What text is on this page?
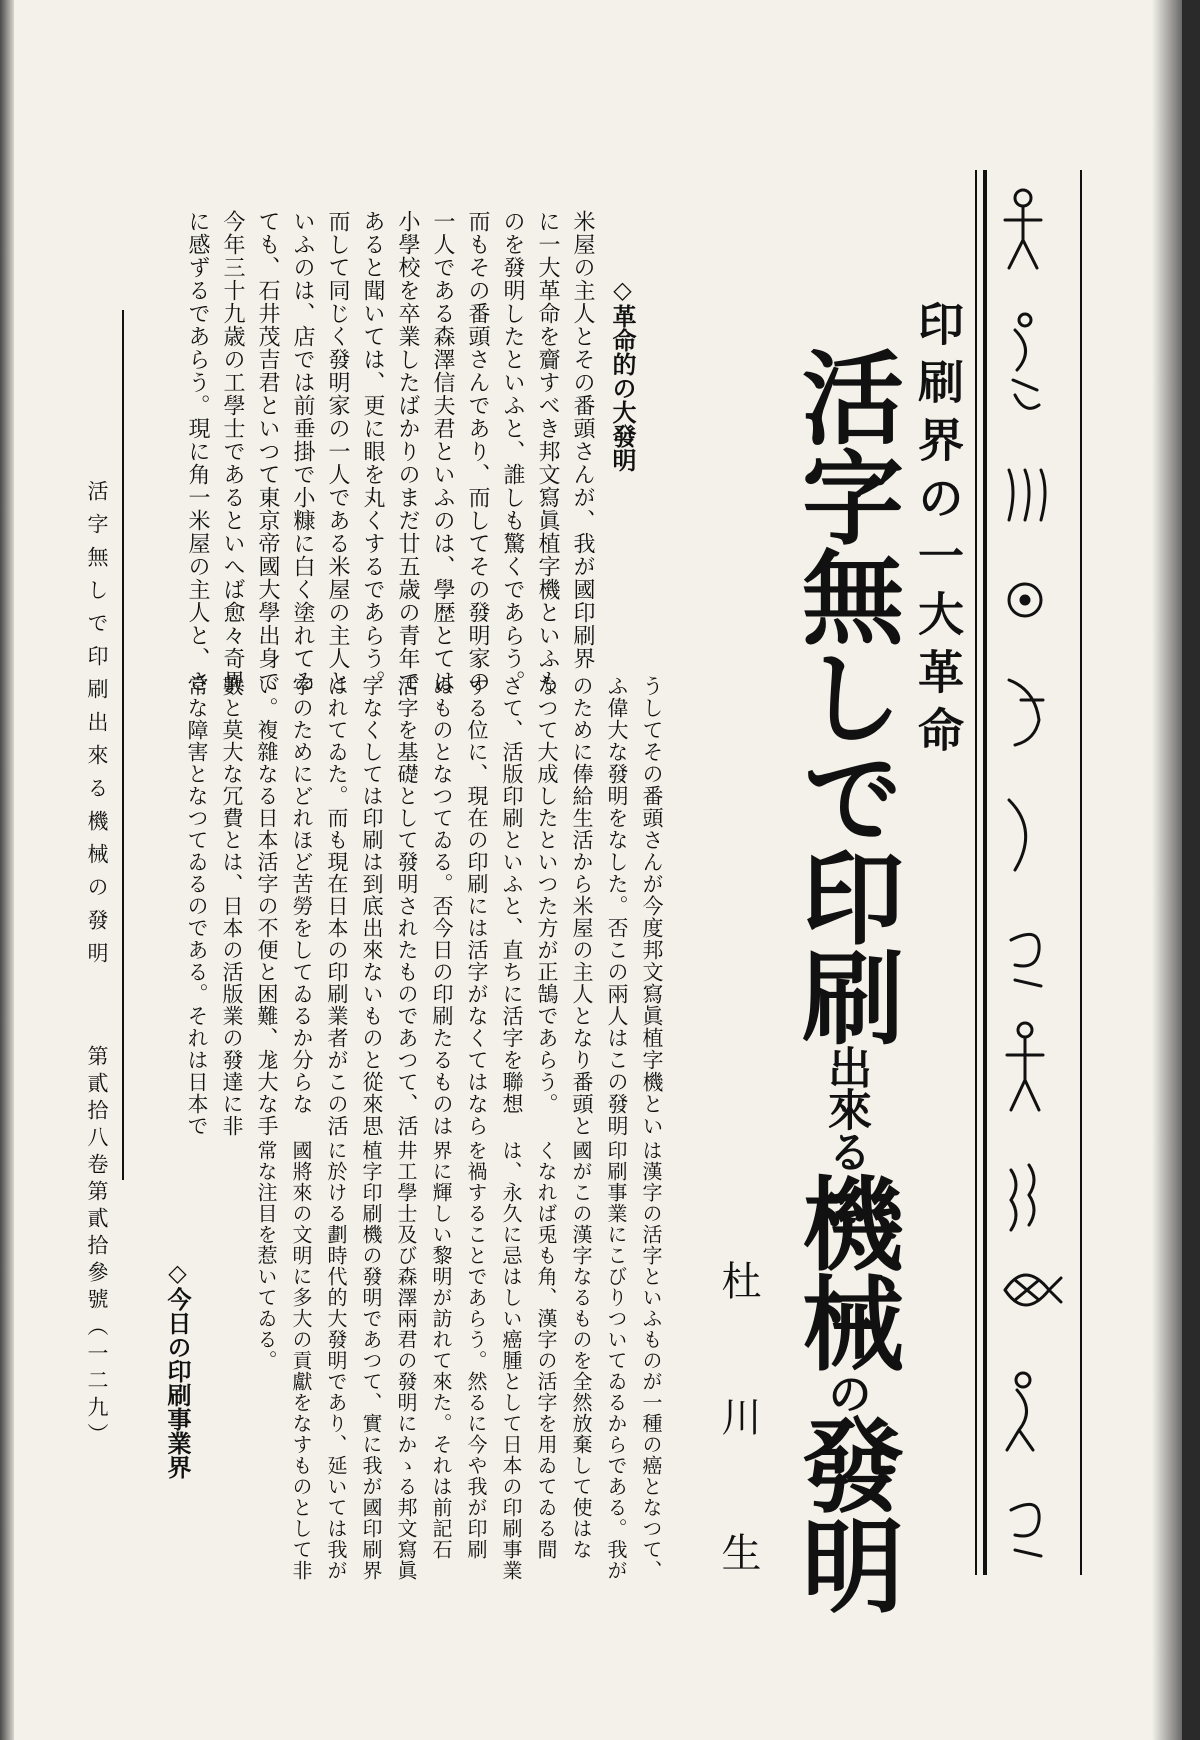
印刷界の一大革命
活字無しで印刷出來る機械の發明
杜　川　生
◇革命的の大發明
米屋の主人とその番頭さんが、我が國印刷界
に一大革命を齎すべき邦文寫眞植字機といふも
のを發明したといふと、誰しも驚くであらう。
而もその番頭さんであり、而してその發明家の
一人である森澤信夫君といふのは、學歴とては
小學校を卒業したばかりのまだ廿五歳の青年で
あると聞いては、更に眼を丸くするであらう。
而して同じく發明家の一人である米屋の主人と
いふのは、店では前垂掛で小糠に白く塗れてゐ
ても、石井茂吉君といつて東京帝國大學出身で
今年三十九歳の工學士であるといへば愈々奇異
に感ずるであらう。現に角一米屋の主人と、さ
うしてその番頭さんが今度邦文寫眞植字機とい
ふ偉大な發明をなした。否この兩人はこの發明
のために俸給生活から米屋の主人となり番頭と
なつて大成したといつた方が正鵠であらう。
さて、活版印刷といふと、直ちに活字を聯想
する位に、現在の印刷には活字がなくてはなら
ぬものとなつてゐる。否今日の印刷たるものは
活字を基礎として發明されたものであつて、活
字なくしては印刷は到底出來ないものと從來思
はれてゐた。而も現在日本の印刷業者がこの活
字のためにどれほど苦勞をしてゐるか分らな
い。複雜なる日本活字の不便と困難、尨大な手
數と莫大な冗費とは、日本の活版業の發達に非
常な障害となつてゐるのである。それは日本で
は漢字の活字といふものが一種の癌となつて、
印刷事業にこびりついてゐるからである。我が
國がこの漢字なるものを全然放棄して使はな
くなれば兎も角、漢字の活字を用ゐてゐる間
は、永久に忌はしい癌腫として日本の印刷事業
を禍することであらう。然るに今や我が印刷
界に輝しい黎明が訪れて來た。それは前記石
井工學士及び森澤兩君の發明にかゝる邦文寫眞
植字印刷機の發明であつて、實に我が國印刷界
に於ける劃時代的大發明であり、延いては我が
國將來の文明に多大の貢獻をなすものとして非
常な注目を惹いてゐる。
◇今日の印刷事業界
活字無しで印刷出來る機械の發明
第貳拾八卷第貳拾參號（一二九）
